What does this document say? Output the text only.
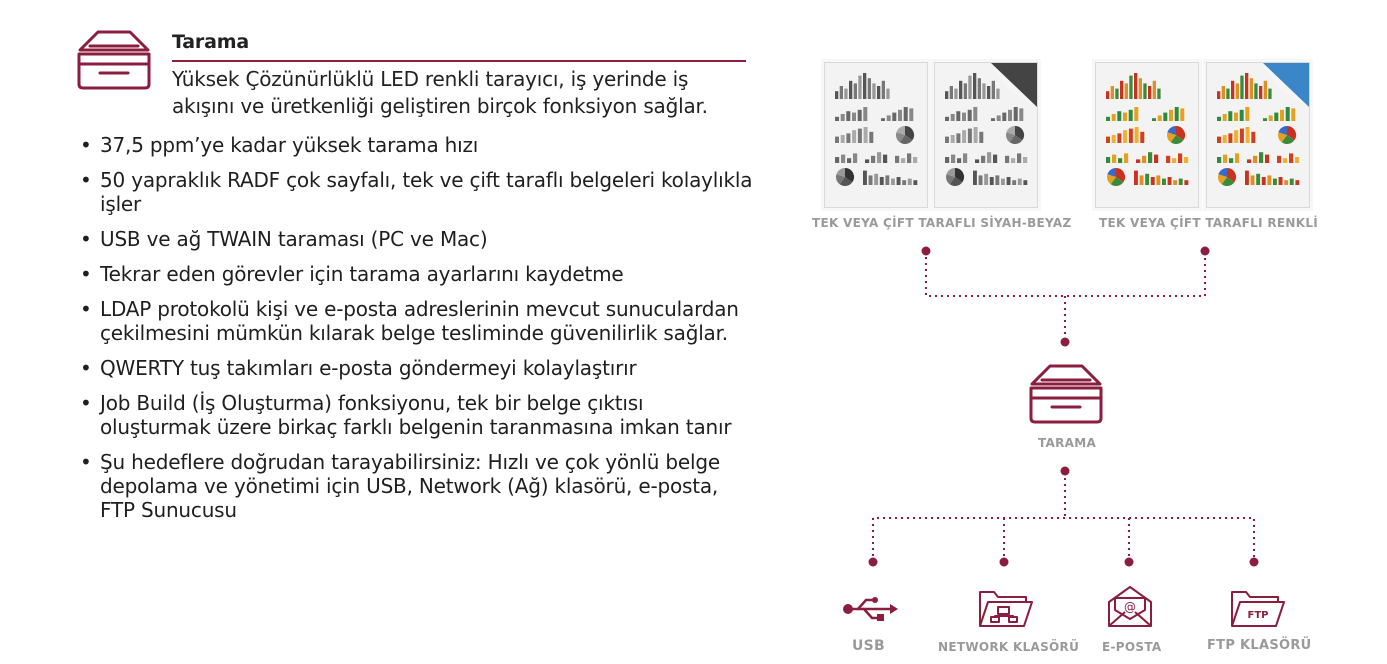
Tarama
Yüksek Çözünürlüklü LED renkli tarayıcı, iş yerinde iş akışını ve üretkenliği geliştiren birçok fonksiyon sağlar.
• 37,5 ppm’ye kadar yüksek tarama hızı
• 50 yapraklık RADF çok sayfalı, tek ve çift taraflı belgeleri kolaylıkla işler
• USB ve ağ TWAIN taraması (PC ve Mac)
• Tekrar eden görevler için tarama ayarlarını kaydetme
• LDAP protokolü kişi ve e-posta adreslerinin mevcut sunuculardan çekilmesini mümkün kılarak belge tesliminde güvenilirlik sağlar.
• QWERTY tuş takımları e-posta göndermeyi kolaylaştırır
• Job Build (İş Oluşturma) fonksiyonu, tek bir belge çıktısı oluşturmak üzere birkaç farklı belgenin taranmasına imkan tanır
• Şu hedeflere doğrudan tarayabilirsiniz: Hızlı ve çok yönlü belge depolama ve yönetimi için USB, Network (Ağ) klasörü, e-posta, FTP Sunucusu
TEK VEYA ÇİFT TARAFLI SİYAH-BEYAZ TEK VEYA ÇİFT TARAFLI RENKLİ
TARAMA
USB	NETWORK KLASÖRÜ
@
E-POSTA
FTP
FTP KLASÖRÜ
